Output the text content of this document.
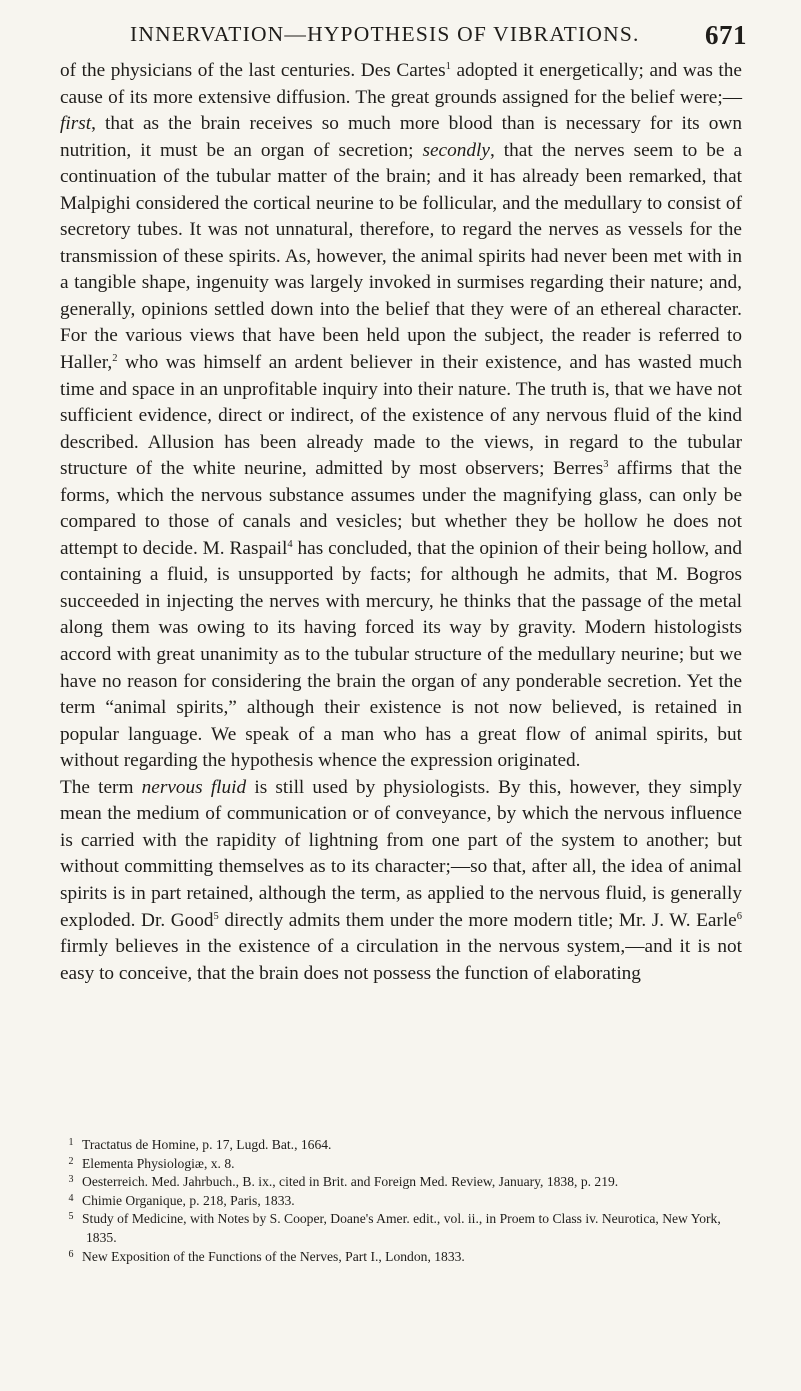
INNERVATION—HYPOTHESIS OF VIBRATIONS. 671

of the physicians of the last centuries. Des Cartes$^1$ adopted it energetically; and was the cause of its more extensive diffusion. The great grounds assigned for the belief were;—first, that as the brain receives so much more blood than is necessary for its own nutrition, it must be an organ of secretion; secondly, that the nerves seem to be a continuation of the tubular matter of the brain; and it has already been remarked, that Malpighi considered the cortical neurine to be follicular, and the medullary to consist of secretory tubes. It was not unnatural, therefore, to regard the nerves as vessels for the transmission of these spirits. As, however, the animal spirits had never been met with in a tangible shape, ingenuity was largely invoked in surmises regarding their nature; and, generally, opinions settled down into the belief that they were of an ethereal character. For the various views that have been held upon the subject, the reader is referred to Haller,$^2$ who was himself an ardent believer in their existence, and has wasted much time and space in an unprofitable inquiry into their nature. The truth is, that we have not sufficient evidence, direct or indirect, of the existence of any nervous fluid of the kind described. Allusion has been already made to the views, in regard to the tubular structure of the white neurine, admitted by most observers; Berres$^3$ affirms that the forms, which the nervous substance assumes under the magnifying glass, can only be compared to those of canals and vesicles; but whether they be hollow he does not attempt to decide. M. Raspail$^4$ has concluded, that the opinion of their being hollow, and containing a fluid, is unsupported by facts; for although he admits, that M. Bogros succeeded in injecting the nerves with mercury, he thinks that the passage of the metal along them was owing to its having forced its way by gravity. Modern histologists accord with great unanimity as to the tubular structure of the medullary neurine; but we have no reason for considering the brain the organ of any ponderable secretion. Yet the term “animal spirits,” although their existence is not now believed, is retained in popular language. We speak of a man who has a great flow of animal spirits, but without regarding the hypothesis whence the expression originated.

The term nervous fluid is still used by physiologists. By this, however, they simply mean the medium of communication or of conveyance, by which the nervous influence is carried with the rapidity of lightning from one part of the system to another; but without committing themselves as to its character;—so that, after all, the idea of animal spirits is in part retained, although the term, as applied to the nervous fluid, is generally exploded. Dr. Good$^5$ directly admits them under the more modern title; Mr. J. W. Earle$^6$ firmly believes in the existence of a circulation in the nervous system,—and it is not easy to conceive, that the brain does not possess the function of elaborating

1 Tractatus de Homine, p. 17, Lugd. Bat., 1664.

2 Elementa Physiologiæ, x. 8.

3 Oesterreich. Med. Jahrbuch., B. ix., cited in Brit. and Foreign Med. Review, January, 1838, p. 219.

4 Chimie Organique, p. 218, Paris, 1833.

5 Study of Medicine, with Notes by S. Cooper, Doane's Amer. edit., vol. ii., in Proem to Class iv. Neurotica, New York, 1835.

6 New Exposition of the Functions of the Nerves, Part I., London, 1833.
